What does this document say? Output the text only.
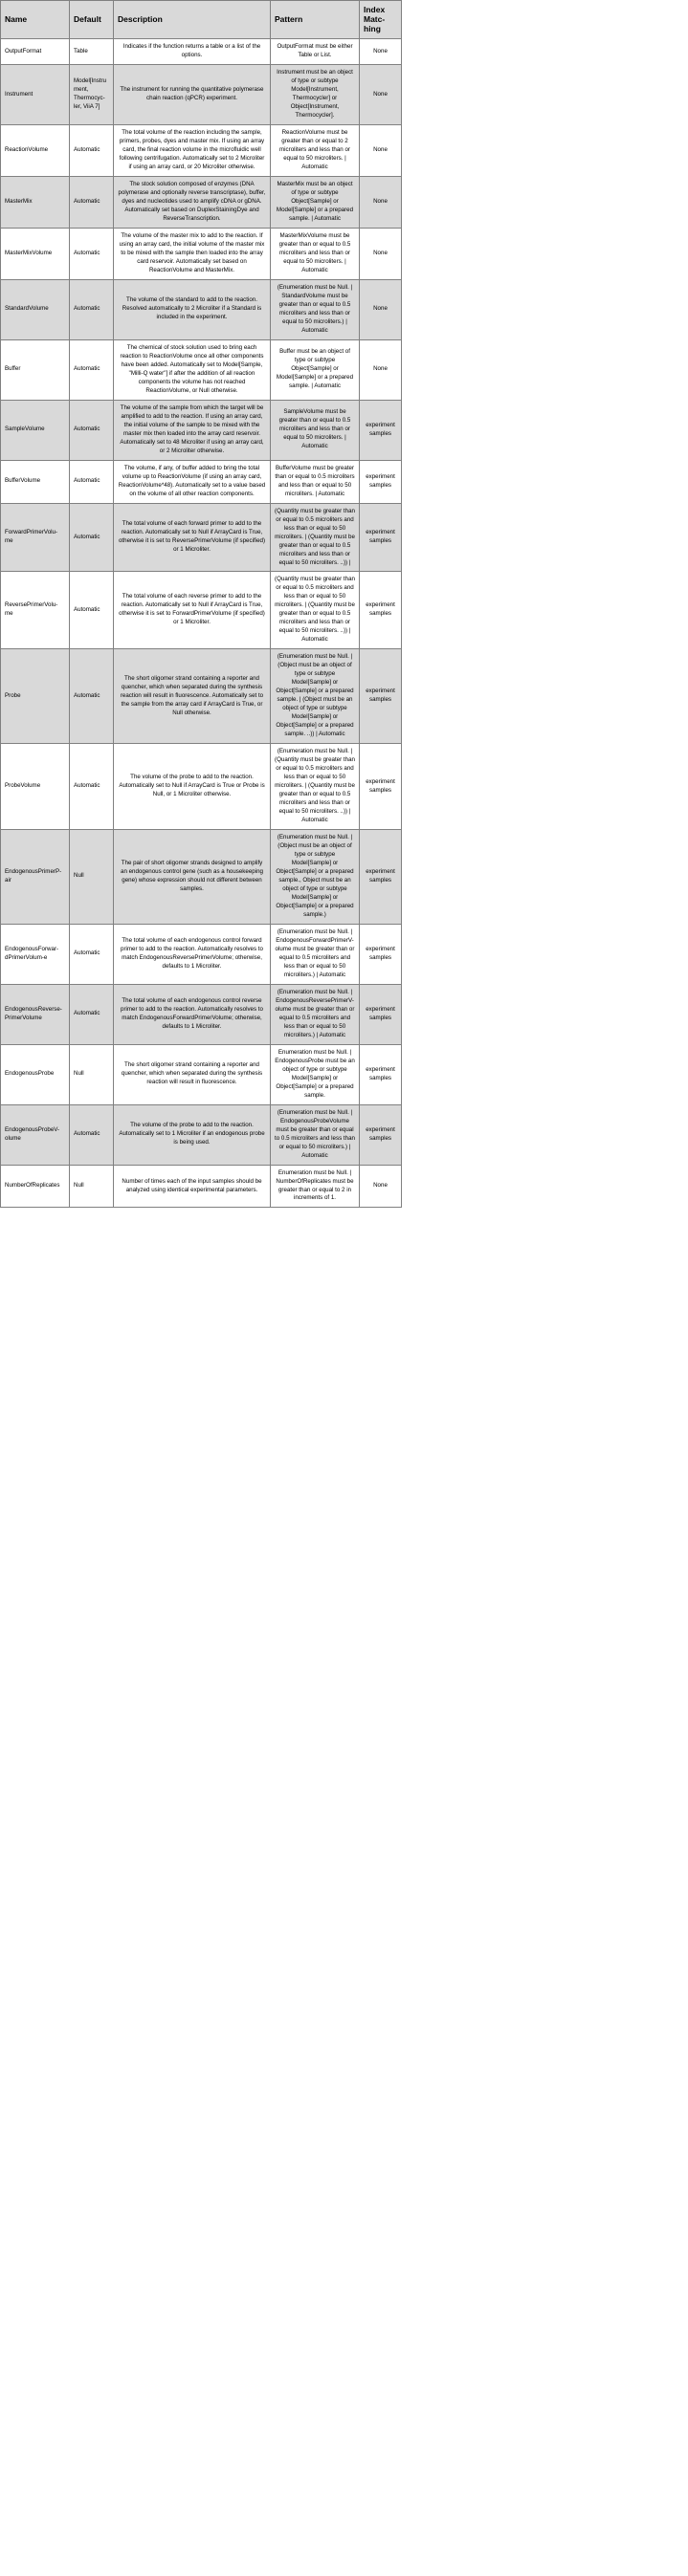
Name	Default	Description	Pattern	Index Matc-hing
OutputFormat	Table	Indicates if the function returns a table or a list of the options.	OutputFormat must be either Table or List.	None
Instrument	Model[Instrument, Thermocyc-ler, ViiA 7]	The instrument for running the quantitative polymerase chain reaction (qPCR) experiment.	Instrument must be an object of type or subtype Model[Instrument, Thermocycler] or Object[Instrument, Thermocycler].	None
ReactionVolume	Automatic	The total volume of the reaction including the sample, primers, probes, dyes and master mix. If using an array card, the final reaction volume in the microfluidic well following centrifugation. Automatically set to 2 Microliter if using an array card, or 20 Microliter otherwise.	ReactionVolume must be greater than or equal to 2 microliters and less than or equal to 50 microliters. | Automatic	None
MasterMix	Automatic	The stock solution composed of enzymes (DNA polymerase and optionally reverse transcriptase), buffer, dyes and nucleotides used to amplify cDNA or gDNA. Automatically set based on DuplexStainingDye and ReverseTranscription.	MasterMix must be an object of type or subtype Object[Sample] or Model[Sample] or a prepared sample. | Automatic	None
MasterMixVolume	Automatic	The volume of the master mix to add to the reaction. If using an array card, the initial volume of the master mix to be mixed with the sample then loaded into the array card reservoir. Automatically set based on ReactionVolume and MasterMix.	MasterMixVolume must be greater than or equal to 0.5 microliters and less than or equal to 50 microliters. | Automatic	None
StandardVolume	Automatic	The volume of the standard to add to the reaction. Resolved automatically to 2 Microliter if a Standard is included in the experiment.	(Enumeration must be Null. | StandardVolume must be greater than or equal to 0.5 microliters and less than or equal to 50 microliters.) | Automatic	None
Buffer	Automatic	The chemical of stock solution used to bring each reaction to ReactionVolume once all other components have been added. Automatically set to Model[Sample, "Milli-Q water"] if after the addition of all reaction components the volume has not reached ReactionVolume, or Null otherwise.	Buffer must be an object of type or subtype Object[Sample] or Model[Sample] or a prepared sample. | Automatic	None
SampleVolume	Automatic	The volume of the sample from which the target will be amplified to add to the reaction. If using an array card, the initial volume of the sample to be mixed with the master mix then loaded into the array card reservoir. Automatically set to 48 Microliter if using an array card, or 2 Microliter otherwise.	SampleVolume must be greater than or equal to 0.5 microliters and less than or equal to 50 microliters. | Automatic	experiment samples
BufferVolume	Automatic	The volume, if any, of buffer added to bring the total volume up to ReactionVolume (if using an array card, ReactionVolume*48). Automatically set to a value based on the volume of all other reaction components.	BufferVolume must be greater than or equal to 0.5 microliters and less than or equal to 50 microliters. | Automatic	experiment samples
ForwardPrimerVolu-me	Automatic	The total volume of each forward primer to add to the reaction. Automatically set to Null if ArrayCard is True, otherwise it is set to ReversePrimerVolume (if specified) or 1 Microliter.	(Quantity must be greater than or equal to 0.5 microliters and less than or equal to 50 microliters. | (Quantity must be greater than or equal to 0.5 microliters and less than or equal to 50 microliters. ..)) |	experiment samples
ReversePrimerVolu-me	Automatic	The total volume of each reverse primer to add to the reaction. Automatically set to Null if ArrayCard is True, otherwise it is set to ForwardPrimerVolume (if specified) or 1 Microliter.	(Quantity must be greater than or equal to 0.5 microliters and less than or equal to 50 microliters. | (Quantity must be greater than or equal to 0.5 microliters and less than or equal to 50 microliters. ..)) | Automatic	experiment samples
Probe	Automatic	The short oligomer strand containing a reporter and quencher, which when separated during the synthesis reaction will result in fluorescence. Automatically set to the sample from the array card if ArrayCard is True, or Null otherwise.	(Enumeration must be Null. | (Object must be an object of type or subtype Model[Sample] or Object[Sample] or a prepared sample. | (Object must be an object of type or subtype Model[Sample] or Object[Sample] or a prepared sample. ..)) | Automatic	experiment samples
ProbeVolume	Automatic	The volume of the probe to add to the reaction. Automatically set to Null if ArrayCard is True or Probe is Null, or 1 Microliter otherwise.	(Enumeration must be Null. | (Quantity must be greater than or equal to 0.5 microliters and less than or equal to 50 microliters. | (Quantity must be greater than or equal to 0.5 microliters and less than or equal to 50 microliters. ..)) | Automatic	experiment samples
EndogenousPrimerP-air	Null	The pair of short oligomer strands designed to amplify an endogenous control gene (such as a housekeeping gene) whose expression should not different between samples.	(Enumeration must be Null. | (Object must be an object of type or subtype Model[Sample] or Object[Sample] or a prepared sample., Object must be an object of type or subtype Model[Sample] or Object[Sample] or a prepared sample.)	experiment samples
EndogenousForwar-dPrimerVolum-e	Automatic	The total volume of each endogenous control forward primer to add to the reaction. Automatically resolves to match EndogenousReversePrimerVolume; otherwise, defaults to 1 Microliter.	(Enumeration must be Null. | EndogenousForwardPrimerV-olume must be greater than or equal to 0.5 microliters and less than or equal to 50 microliters.) | Automatic	experiment samples
EndogenousReverse-PrimerVolume	Automatic	The total volume of each endogenous control reverse primer to add to the reaction. Automatically resolves to match EndogenousForwardPrimerVolume; otherwise, defaults to 1 Microliter.	(Enumeration must be Null. | EndogenousReversePrimerV-olume must be greater than or equal to 0.5 microliters and less than or equal to 50 microliters.) | Automatic	experiment samples
EndogenousProbe	Null	The short oligomer strand containing a reporter and quencher, which when separated during the synthesis reaction will result in fluorescence.	Enumeration must be Null. | EndogenousProbe must be an object of type or subtype Model[Sample] or Object[Sample] or a prepared sample.	experiment samples
EndogenousProbeV-olume	Automatic	The volume of the probe to add to the reaction. Automatically set to 1 Microliter if an endogenous probe is being used.	(Enumeration must be Null. | EndogenousProbeVolume must be greater than or equal to 0.5 microliters and less than or equal to 50 microliters.) | Automatic	experiment samples
NumberOfReplicates	Null	Number of times each of the input samples should be analyzed using identical experimental parameters.	Enumeration must be Null. | NumberOfReplicates must be greater than or equal to 2 in increments of 1.	None
